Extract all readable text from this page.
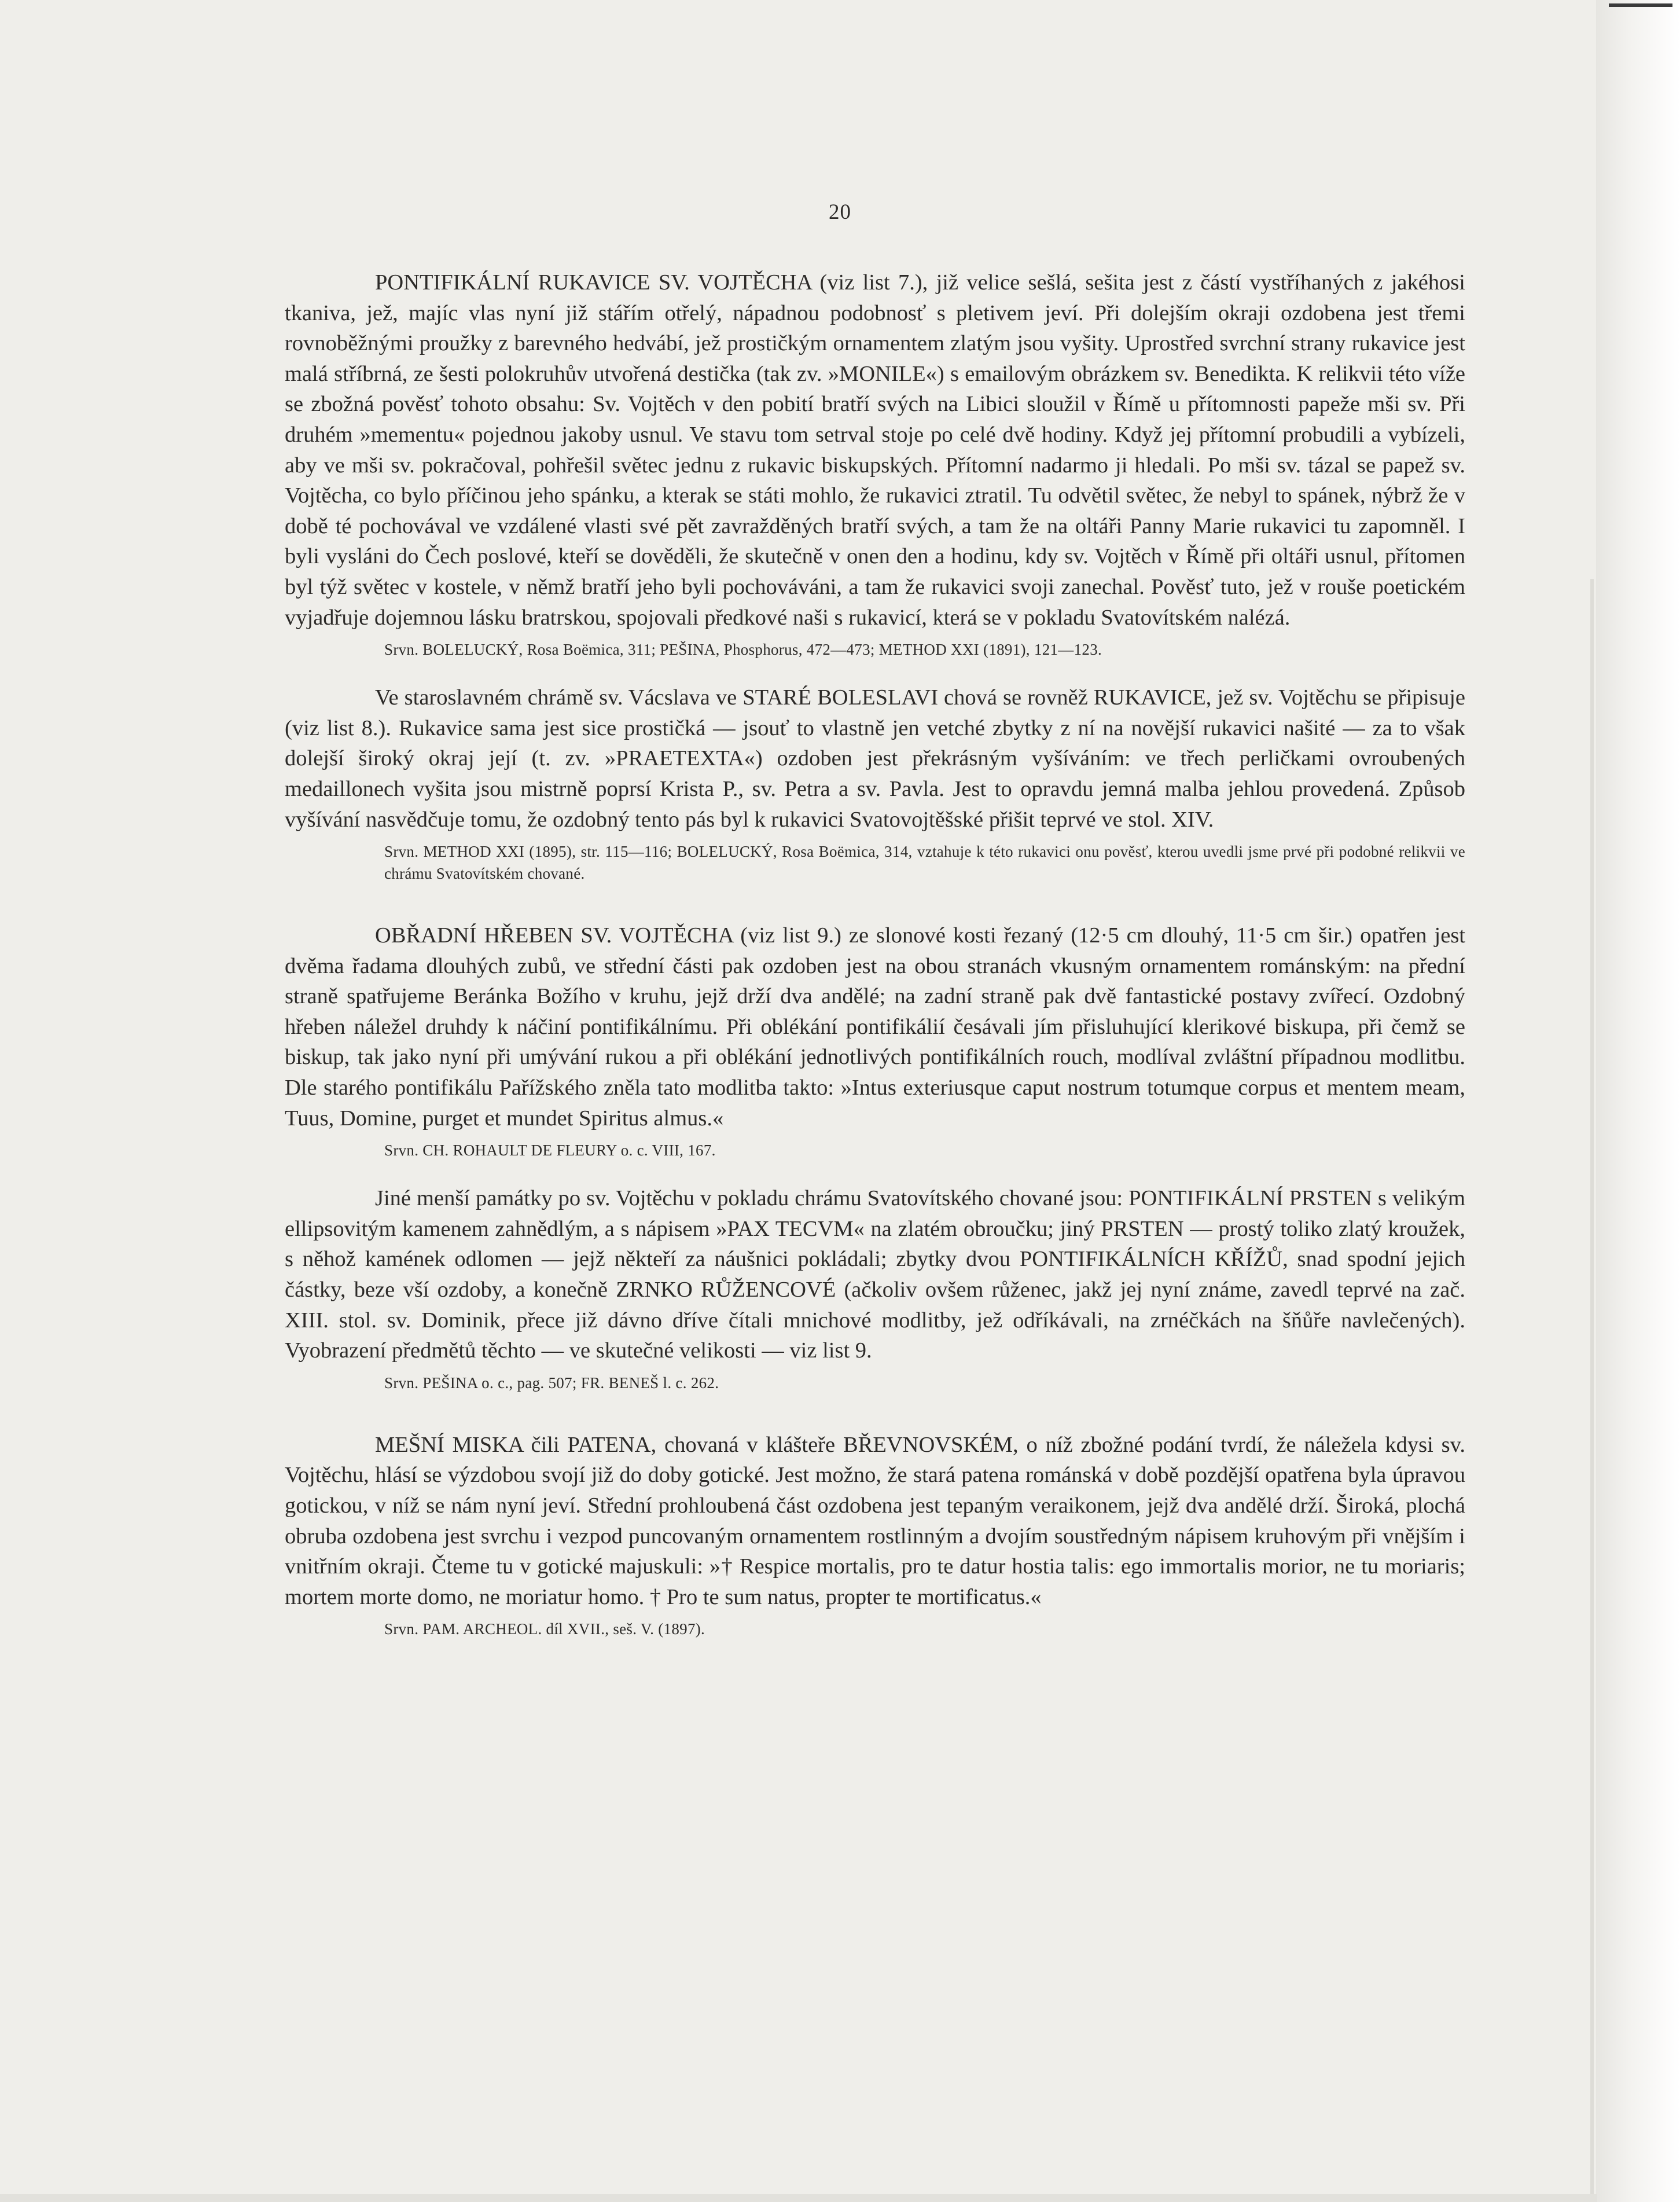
20

PONTIFIKÁLNÍ RUKAVICE SV. VOJTĚCHA (viz list 7.), již velice sešlá, sešita jest z částí vystříhaných z jakéhosi tkaniva, jež, majíc vlas nyní již stářím otřelý, nápadnou podobnosť s pletivem jeví. Při dolejším okraji ozdobena jest třemi rovnoběžnými proužky z barevného hedvábí, jež prostičkým ornamentem zlatým jsou vyšity. Uprostřed svrchní strany rukavice jest malá stříbrná, ze šesti polokruhův utvořená destička (tak zv. »MONILE«) s emailovým obrázkem sv. Benedikta. K relikvii této víže se zbožná pověsť tohoto obsahu: Sv. Vojtěch v den pobití bratří svých na Libici sloužil v Římě u přítomnosti papeže mši sv. Při druhém »mementu« pojednou jakoby usnul. Ve stavu tom setrval stoje po celé dvě hodiny. Když jej přítomní probudili a vybízeli, aby ve mši sv. pokračoval, pohřešil světec jednu z rukavic biskupských. Přítomní nadarmo ji hledali. Po mši sv. tázal se papež sv. Vojtěcha, co bylo příčinou jeho spánku, a kterak se státi mohlo, že rukavici ztratil. Tu odvětil světec, že nebyl to spánek, nýbrž že v době té pochovával ve vzdálené vlasti své pět zavražděných bratří svých, a tam že na oltáři Panny Marie rukavici tu zapomněl. I byli vysláni do Čech poslové, kteří se dověděli, že skutečně v onen den a hodinu, kdy sv. Vojtěch v Římě při oltáři usnul, přítomen byl týž světec v kostele, v němž bratří jeho byli pochováváni, a tam že rukavici svoji zanechal. Pověsť tuto, jež v rouše poetickém vyjadřuje dojemnou lásku bratrskou, spojovali předkové naši s rukavicí, která se v pokladu Svatovítském nalézá.

Srvn. BOLELUCKÝ, Rosa Boëmica, 311; PEŠINA, Phosphorus, 472—473; METHOD XXI (1891), 121—123.

Ve staroslavném chrámě sv. Vácslava ve STARÉ BOLESLAVI chová se rovněž RUKAVICE, jež sv. Vojtěchu se připisuje (viz list 8.). Rukavice sama jest sice prostičká — jsouť to vlastně jen vetché zbytky z ní na novější rukavici našité — za to však dolejší široký okraj její (t. zv. »PRAETEXTA«) ozdoben jest překrásným vyšíváním: ve třech perličkami ovroubených medaillonech vyšita jsou mistrně poprsí Krista P., sv. Petra a sv. Pavla. Jest to opravdu jemná malba jehlou provedená. Způsob vyšívání nasvědčuje tomu, že ozdobný tento pás byl k rukavici Svatovojtěšské přišit teprvé ve stol. XIV.

Srvn. METHOD XXI (1895), str. 115—116; BOLELUCKÝ, Rosa Boëmica, 314, vztahuje k této rukavici onu pověsť, kterou uvedli jsme prvé při podobné relikvii ve chrámu Svatovítském chované.

OBŘADNÍ HŘEBEN SV. VOJTĚCHA (viz list 9.) ze slonové kosti řezaný (12·5 cm dlouhý, 11·5 cm šir.) opatřen jest dvěma řadama dlouhých zubů, ve střední části pak ozdoben jest na obou stranách vkusným ornamentem románským: na přední straně spatřujeme Beránka Božího v kruhu, jejž drží dva andělé; na zadní straně pak dvě fantastické postavy zvířecí. Ozdobný hřeben náležel druhdy k náčiní pontifikálnímu. Při oblékání pontifikálií česávali jím přisluhující klerikové biskupa, při čemž se biskup, tak jako nyní při umývání rukou a při oblékání jednotlivých pontifikálních rouch, modlíval zvláštní případnou modlitbu. Dle starého pontifikálu Pařížského zněla tato modlitba takto: »Intus exteriusque caput nostrum totumque corpus et mentem meam, Tuus, Domine, purget et mundet Spiritus almus.«

Srvn. CH. ROHAULT DE FLEURY o. c. VIII, 167.

Jiné menší památky po sv. Vojtěchu v pokladu chrámu Svatovítského chované jsou: PONTIFIKÁLNÍ PRSTEN s velikým ellipsovitým kamenem zahnědlým, a s nápisem »PAX TECVM« na zlatém obroučku; jiný PRSTEN — prostý toliko zlatý kroužek, s něhož kamének odlomen — jejž někteří za náušnici pokládali; zbytky dvou PONTIFIKÁLNÍCH KŘÍŽŮ, snad spodní jejich částky, beze vší ozdoby, a konečně ZRNKO RŮŽENCOVÉ (ačkoliv ovšem růženec, jakž jej nyní známe, zavedl teprvé na zač. XIII. stol. sv. Dominik, přece již dávno dříve čítali mnichové modlitby, jež odříkávali, na zrnéčkách na šňůře navlečených). Vyobrazení předmětů těchto — ve skutečné velikosti — viz list 9.

Srvn. PEŠINA o. c., pag. 507; FR. BENEŠ l. c. 262.

MEŠNÍ MISKA čili PATENA, chovaná v klášteře BŘEVNOVSKÉM, o níž zbožné podání tvrdí, že náležela kdysi sv. Vojtěchu, hlásí se výzdobou svojí již do doby gotické. Jest možno, že stará patena románská v době pozdější opatřena byla úpravou gotickou, v níž se nám nyní jeví. Střední prohloubená část ozdobena jest tepaným veraikonem, jejž dva andělé drží. Široká, plochá obruba ozdobena jest svrchu i vezpod puncovaným ornamentem rostlinným a dvojím soustředným nápisem kruhovým při vnějším i vnitřním okraji. Čteme tu v gotické majuskuli: »† Respice mortalis, pro te datur hostia talis: ego immortalis morior, ne tu moriaris; mortem morte domo, ne moriatur homo. † Pro te sum natus, propter te mortificatus.«

Srvn. PAM. ARCHEOL. díl XVII., seš. V. (1897).
